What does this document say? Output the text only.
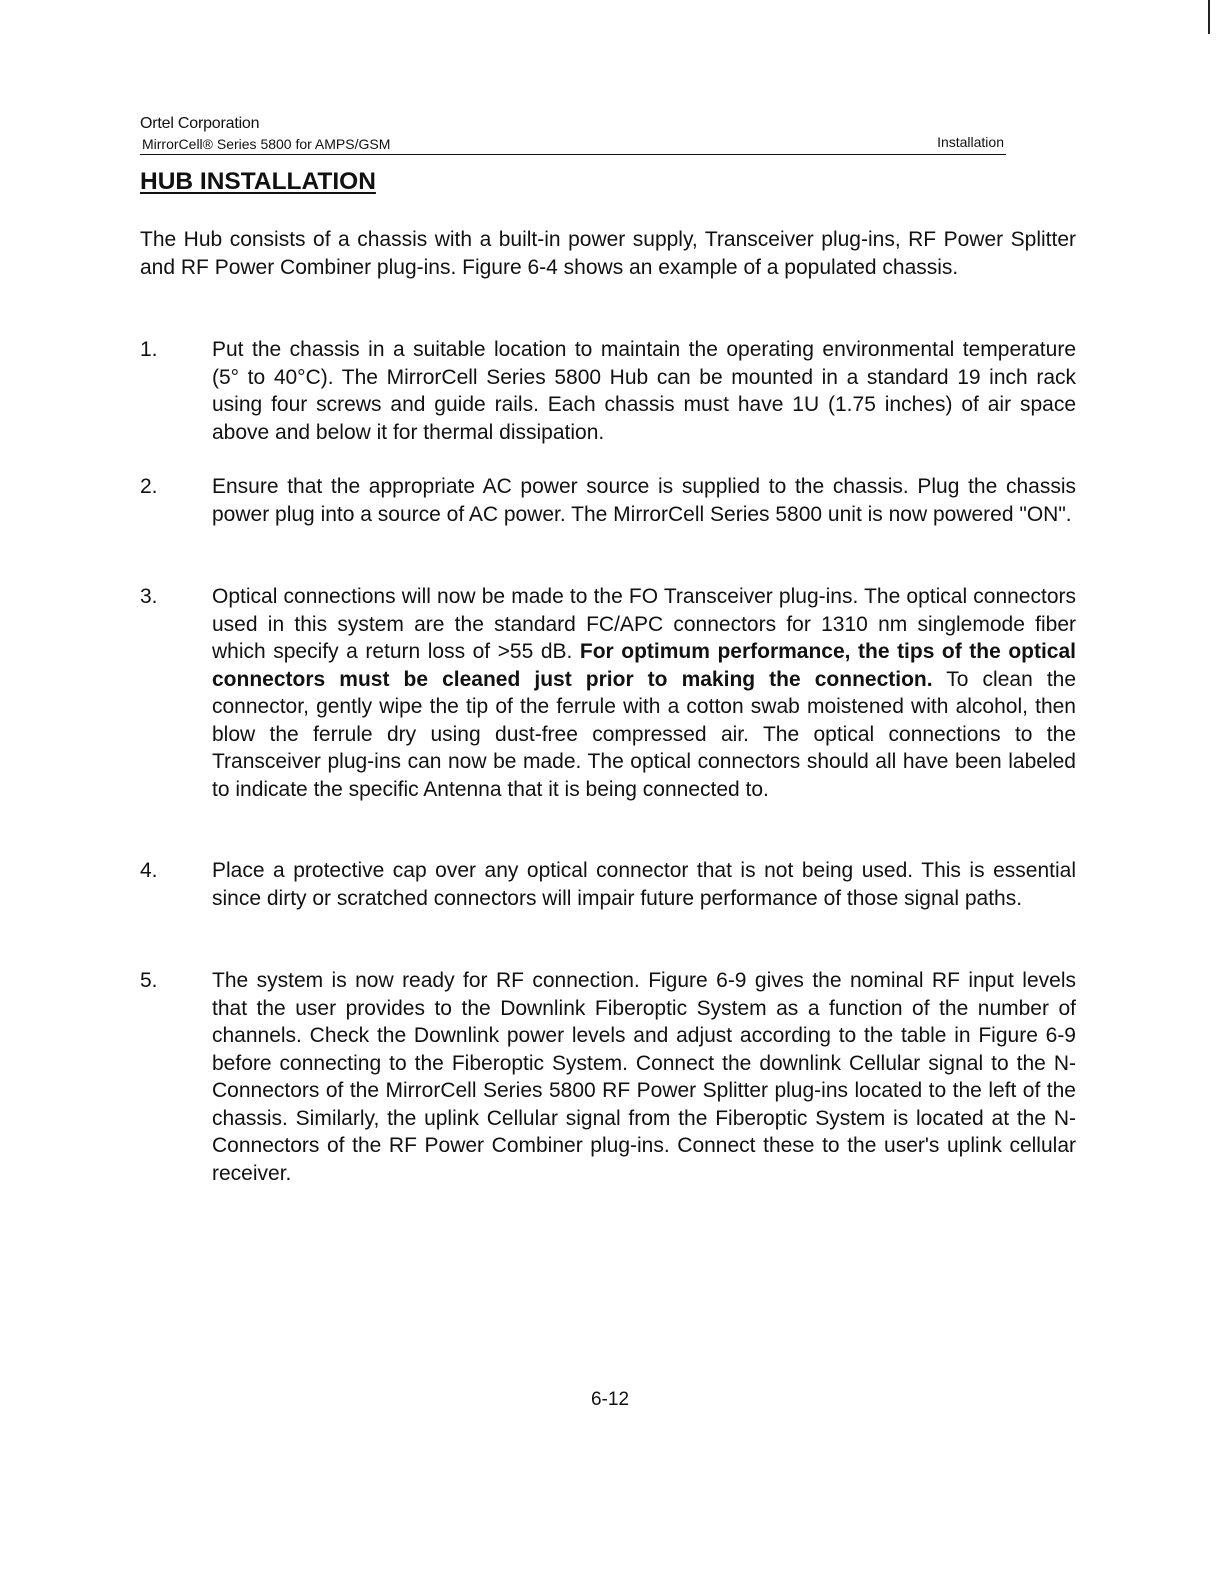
Ortel Corporation
MirrorCell® Series 5800 for AMPS/GSM	Installation
HUB INSTALLATION

The Hub consists of a chassis with a built-in power supply, Transceiver plug-ins, RF Power Splitter and RF Power Combiner plug-ins. Figure 6-4 shows an example of a populated chassis.

1.	Put the chassis in a suitable location to maintain the operating environmental temperature (5° to 40°C). The MirrorCell Series 5800 Hub can be mounted in a standard 19 inch rack using four screws and guide rails. Each chassis must have 1U (1.75 inches) of air space above and below it for thermal dissipation.

2.	Ensure that the appropriate AC power source is supplied to the chassis. Plug the chassis power plug into a source of AC power. The MirrorCell Series 5800 unit is now powered "ON".

3.	Optical connections will now be made to the FO Transceiver plug-ins. The optical connectors used in this system are the standard FC/APC connectors for 1310 nm singlemode fiber which specify a return loss of >55 dB. For optimum performance, the tips of the optical connectors must be cleaned just prior to making the connection. To clean the connector, gently wipe the tip of the ferrule with a cotton swab moistened with alcohol, then blow the ferrule dry using dust-free compressed air. The optical connections to the Transceiver plug-ins can now be made. The optical connectors should all have been labeled to indicate the specific Antenna that it is being connected to.

4.	Place a protective cap over any optical connector that is not being used. This is essential since dirty or scratched connectors will impair future performance of those signal paths.

5.	The system is now ready for RF connection. Figure 6-9 gives the nominal RF input levels that the user provides to the Downlink Fiberoptic System as a function of the number of channels. Check the Downlink power levels and adjust according to the table in Figure 6-9 before connecting to the Fiberoptic System. Connect the downlink Cellular signal to the N-Connectors of the MirrorCell Series 5800 RF Power Splitter plug-ins located to the left of the chassis. Similarly, the uplink Cellular signal from the Fiberoptic System is located at the N-Connectors of the RF Power Combiner plug-ins. Connect these to the user's uplink cellular receiver.

6-12
